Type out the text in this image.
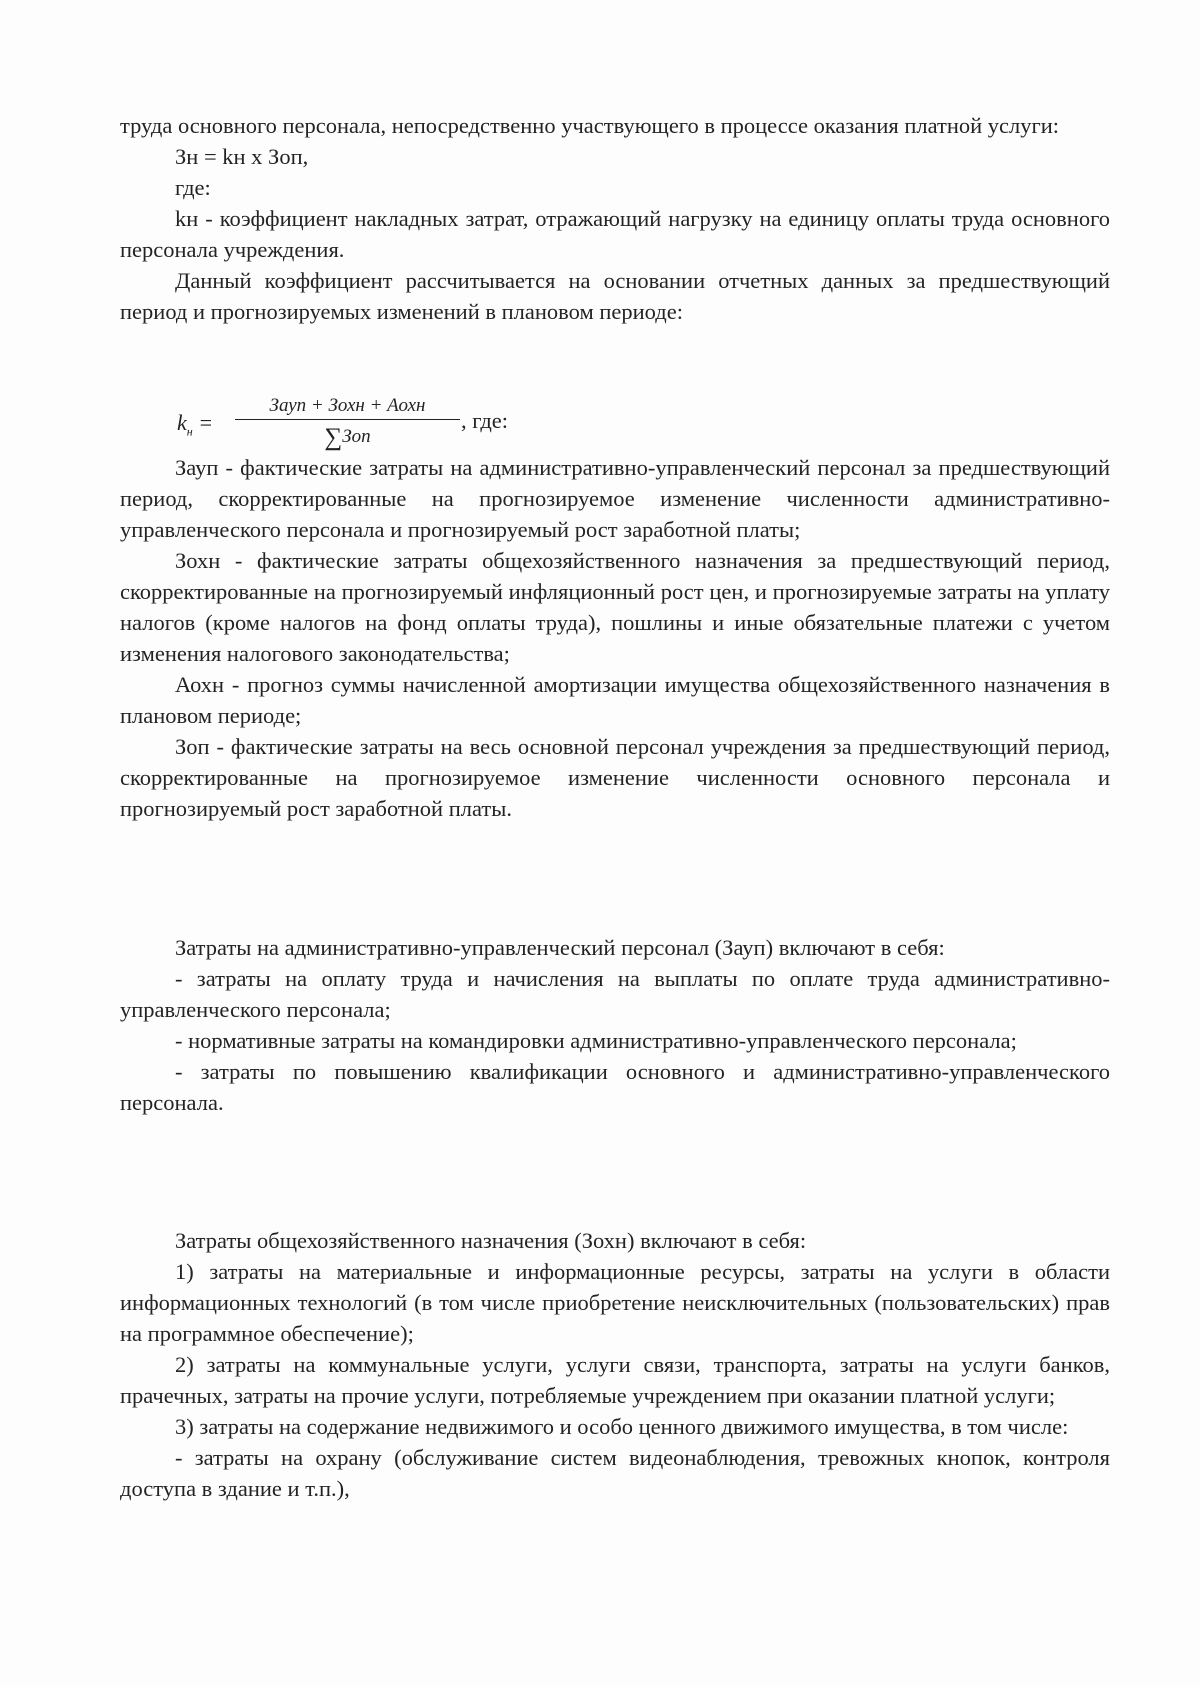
труда основного персонала, непосредственно участвующего в процессе оказания платной услуги:

Зн = kн х Зоп,

где:

kн - коэффициент накладных затрат, отражающий нагрузку на единицу оплаты труда основного персонала учреждения.

Данный коэффициент рассчитывается на основании отчетных данных за предшествующий период и прогнозируемых изменений в плановом периоде:

$k_н$ =
Зауп + Зохн + Аохн
∑Зоп
, где:

Зауп - фактические затраты на административно-управленческий персонал за предшествующий период, скорректированные на прогнозируемое изменение численности административно-управленческого персонала и прогнозируемый рост заработной платы;

Зохн - фактические затраты общехозяйственного назначения за предшествующий период, скорректированные на прогнозируемый инфляционный рост цен, и прогнозируемые затраты на уплату налогов (кроме налогов на фонд оплаты труда), пошлины и иные обязательные платежи с учетом изменения налогового законодательства;

Аохн - прогноз суммы начисленной амортизации имущества общехозяйственного назначения в плановом периоде;

Зоп - фактические затраты на весь основной персонал учреждения за предшествующий период, скорректированные на прогнозируемое изменение численности основного персонала и прогнозируемый рост заработной платы.

Затраты на административно-управленческий персонал (Зауп) включают в себя:

- затраты на оплату труда и начисления на выплаты по оплате труда административно-управленческого персонала;

- нормативные затраты на командировки административно-управленческого персонала;

- затраты по повышению квалификации основного и административно-управленческого персонала.

Затраты общехозяйственного назначения (Зохн) включают в себя:

1) затраты на материальные и информационные ресурсы, затраты на услуги в области информационных технологий (в том числе приобретение неисключительных (пользовательских) прав на программное обеспечение);

2) затраты на коммунальные услуги, услуги связи, транспорта, затраты на услуги банков, прачечных, затраты на прочие услуги, потребляемые учреждением при оказании платной услуги;

3) затраты на содержание недвижимого и особо ценного движимого имущества, в том числе:

- затраты на охрану (обслуживание систем видеонаблюдения, тревожных кнопок, контроля доступа в здание и т.п.),
